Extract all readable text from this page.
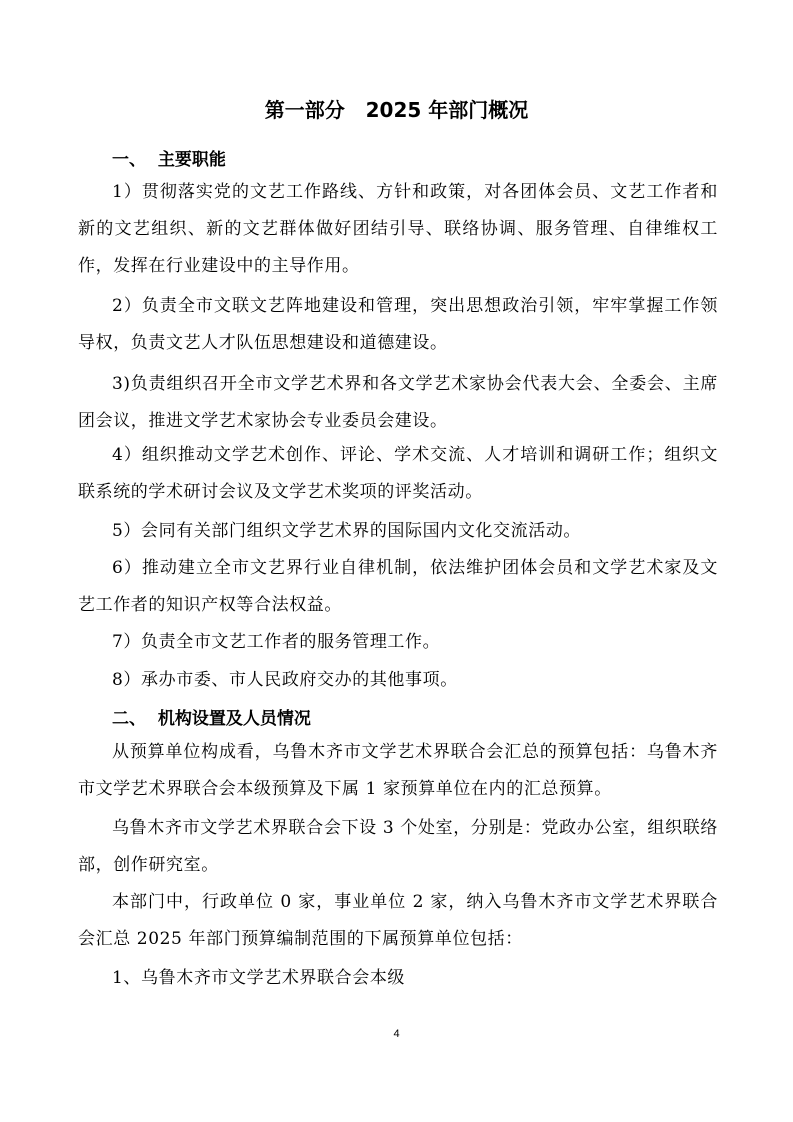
第一部分   2025 年部门概况
一、  主要职能
1）贯彻落实党的文艺工作路线、方针和政策，对各团体会员、文艺工作者和新的文艺组织、新的文艺群体做好团结引导、联络协调、服务管理、自律维权工作，发挥在行业建设中的主导作用。
2）负责全市文联文艺阵地建设和管理，突出思想政治引领，牢牢掌握工作领导权，负责文艺人才队伍思想建设和道德建设。
3)负责组织召开全市文学艺术界和各文学艺术家协会代表大会、全委会、主席团会议，推进文学艺术家协会专业委员会建设。
4）组织推动文学艺术创作、评论、学术交流、人才培训和调研工作；组织文联系统的学术研讨会议及文学艺术奖项的评奖活动。
5）会同有关部门组织文学艺术界的国际国内文化交流活动。
6）推动建立全市文艺界行业自律机制，依法维护团体会员和文学艺术家及文艺工作者的知识产权等合法权益。
7）负责全市文艺工作者的服务管理工作。
8）承办市委、市人民政府交办的其他事项。
二、  机构设置及人员情况
从预算单位构成看，乌鲁木齐市文学艺术界联合会汇总的预算包括：乌鲁木齐市文学艺术界联合会本级预算及下属 1 家预算单位在内的汇总预算。
乌鲁木齐市文学艺术界联合会下设 3 个处室，分别是：党政办公室，组织联络部，创作研究室。
本部门中，行政单位 0 家，事业单位 2 家，纳入乌鲁木齐市文学艺术界联合会汇总 2025 年部门预算编制范围的下属预算单位包括：
1、乌鲁木齐市文学艺术界联合会本级
4
